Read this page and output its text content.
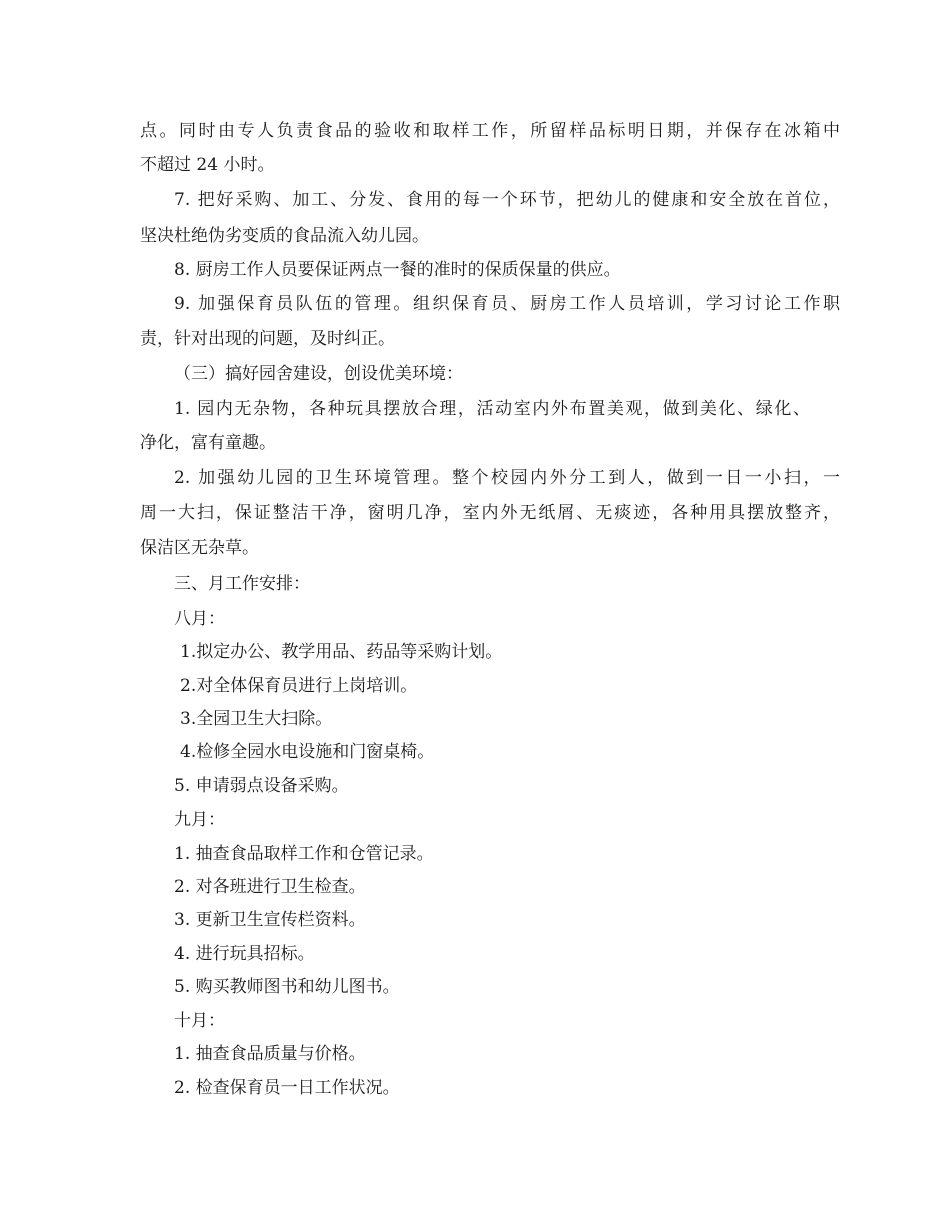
点。同时由专人负责食品的验收和取样工作，所留样品标明日期，并保存在冰箱中
不超过 24 小时。
7. 把好采购、加工、分发、食用的每一个环节，把幼儿的健康和安全放在首位，
坚决杜绝伪劣变质的食品流入幼儿园。
8. 厨房工作人员要保证两点一餐的准时的保质保量的供应。
9. 加强保育员队伍的管理。组织保育员、厨房工作人员培训，学习讨论工作职
责，针对出现的问题，及时纠正。
（三）搞好园舍建设，创设优美环境：
1. 园内无杂物，各种玩具摆放合理，活动室内外布置美观，做到美化、绿化、
净化，富有童趣。
2. 加强幼儿园的卫生环境管理。整个校园内外分工到人，做到一日一小扫，一
周一大扫，保证整洁干净，窗明几净，室内外无纸屑、无痰迹，各种用具摆放整齐，
保洁区无杂草。
三、月工作安排：
八月：
1.拟定办公、教学用品、药品等采购计划。
2.对全体保育员进行上岗培训。
3.全园卫生大扫除。
4.检修全园水电设施和门窗桌椅。
5. 申请弱点设备采购。
九月：
1. 抽查食品取样工作和仓管记录。
2. 对各班进行卫生检查。
3. 更新卫生宣传栏资料。
4. 进行玩具招标。
5. 购买教师图书和幼儿图书。
十月：
1. 抽查食品质量与价格。
2. 检查保育员一日工作状况。
